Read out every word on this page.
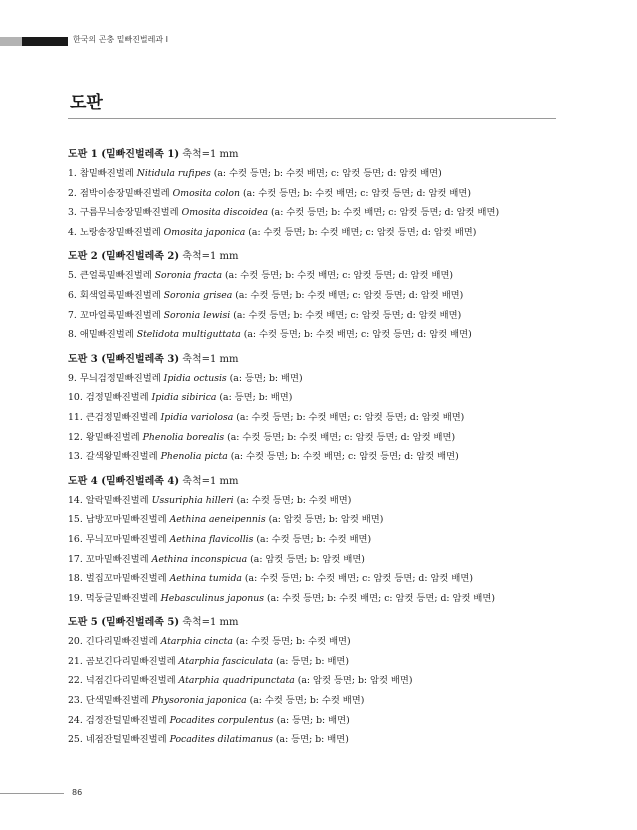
한국의 곤충 밑빠진벌레과 I
도판
도판 1 (밑빠진벌레족 1) 축척=1 mm
1. 참밑빠진벌레 Nitidula rufipes (a: 수컷 등면; b: 수컷 배면; c: 암컷 등면; d: 암컷 배면)
2. 점박이송장밑빠진벌레 Omosita colon (a: 수컷 등면; b: 수컷 배면; c: 암컷 등면; d: 암컷 배면)
3. 구름무늬송장밑빠진벌레 Omosita discoidea (a: 수컷 등면; b: 수컷 배면; c: 암컷 등면; d: 암컷 배면)
4. 노랑송장밑빠진벌레 Omosita japonica (a: 수컷 등면; b: 수컷 배면; c: 암컷 등면; d: 암컷 배면)
도판 2 (밑빠진벌레족 2) 축척=1 mm
5. 큰얼룩밑빠진벌레 Soronia fracta (a: 수컷 등면; b: 수컷 배면; c: 암컷 등면; d: 암컷 배면)
6. 회색얼룩밑빠진벌레 Soronia grisea (a: 수컷 등면; b: 수컷 배면; c: 암컷 등면; d: 암컷 배면)
7. 꼬마얼룩밑빠진벌레 Soronia lewisi (a: 수컷 등면; b: 수컷 배면; c: 암컷 등면; d: 암컷 배면)
8. 애밑빠진벌레 Stelidota multiguttata (a: 수컷 등면; b: 수컷 배면; c: 암컷 등면; d: 암컷 배면)
도판 3 (밑빠진벌레족 3) 축척=1 mm
9. 무늬검정밑빠진벌레 Ipidia octusis (a: 등면; b: 배면)
10. 검정밑빠진벌레 Ipidia sibirica (a: 등면; b: 배면)
11. 큰검정밑빠진벌레 Ipidia variolosa (a: 수컷 등면; b: 수컷 배면; c: 암컷 등면; d: 암컷 배면)
12. 왕밑빠진벌레 Phenolia borealis (a: 수컷 등면; b: 수컷 배면; c: 암컷 등면; d: 암컷 배면)
13. 갈색왕밑빠진벌레 Phenolia picta (a: 수컷 등면; b: 수컷 배면; c: 암컷 등면; d: 암컷 배면)
도판 4 (밑빠진벌레족 4) 축척=1 mm
14. 알락밑빠진벌레 Ussuriphia hilleri (a: 수컷 등면; b: 수컷 배면)
15. 남방꼬마밑빠진벌레 Aethina aeneipennis (a: 암컷 등면; b: 암컷 배면)
16. 무늬꼬마밑빠진벌레 Aethina flavicollis (a: 수컷 등면; b: 수컷 배면)
17. 꼬마밑빠진벌레 Aethina inconspicua (a: 암컷 등면; b: 암컷 배면)
18. 벌집꼬마밑빠진벌레 Aethina tumida (a: 수컷 등면; b: 수컷 배면; c: 암컷 등면; d: 암컷 배면)
19. 먹둥글밑빠진벌레 Hebasculinus japonus (a: 수컷 등면; b: 수컷 배면; c: 암컷 등면; d: 암컷 배면)
도판 5 (밑빠진벌레족 5) 축척=1 mm
20. 긴다리밑빠진벌레 Atarphia cincta (a: 수컷 등면; b: 수컷 배면)
21. 곰보긴다리밑빠진벌레 Atarphia fasciculata (a: 등면; b: 배면)
22. 넉점긴다리밑빠진벌레 Atarphia quadripunctata (a: 암컷 등면; b: 암컷 배면)
23. 단색밑빠진벌레 Physoronia japonica (a: 수컷 등면; b: 수컷 배면)
24. 검정잔털밑빠진벌레 Pocadites corpulentus (a: 등면; b: 배면)
25. 네점잔털밑빠진벌레 Pocadites dilatimanus (a: 등면; b: 배면)
86
